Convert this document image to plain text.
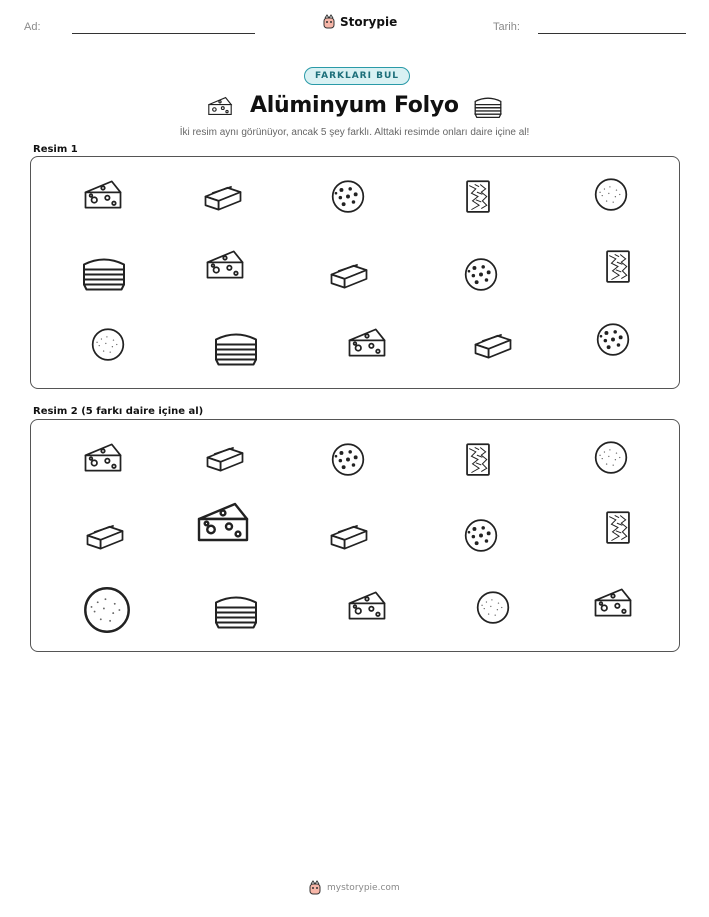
Ad:	Storypie	Tarih:
FARKLARI BUL
Alüminyum Folyo
İki resim aynı görünüyor, ancak 5 şey farklı. Alttaki resimde onları daire içine al!
Resim 1
Resim 2 (5 farkı daire içine al)
mystorypie.com
